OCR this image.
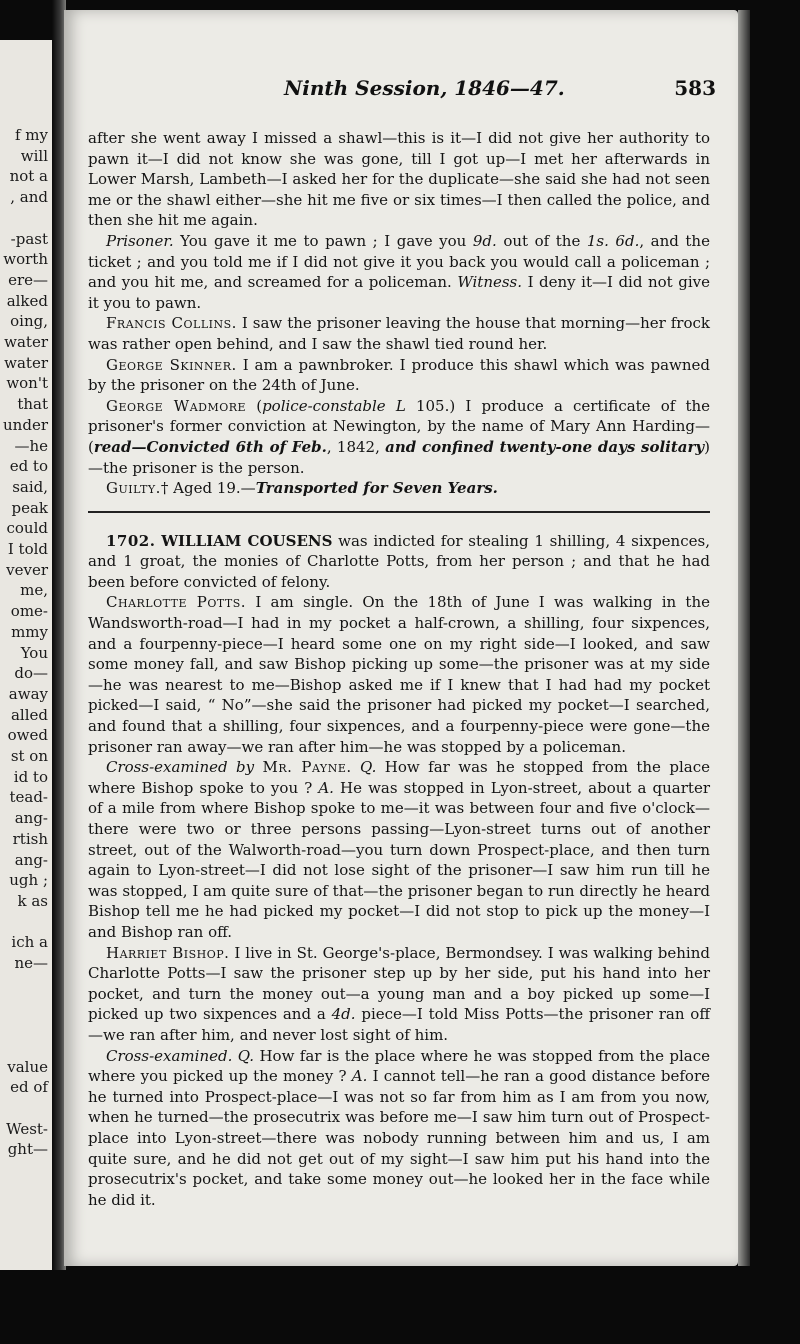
f my
will
not a
, and
-past
worth
ere—
alked
oing,
water
water
won't
that
under
—he
ed to
said,
peak
could
I told
vever
me,
ome-
mmy
You
do—
away
alled
owed
st on
id to
tead-
ang-
rtish
ang-
ugh ;
k as
ich a
ne—
value
ed of
West-
ght—
Ninth Session, 1846—47.	583

after she went away I missed a shawl—this is it—I did not give her authority to pawn it—I did not know she was gone, till I got up—I met her afterwards in Lower Marsh, Lambeth—I asked her for the duplicate—she said she had not seen me or the shawl either—she hit me five or six times—I then called the police, and then she hit me again.

Prisoner. You gave it me to pawn ; I gave you 9d. out of the 1s. 6d., and the ticket ; and you told me if I did not give it you back you would call a policeman ; and you hit me, and screamed for a policeman. Witness. I deny it—I did not give it you to pawn.

Francis Collins. I saw the prisoner leaving the house that morning—her frock was rather open behind, and I saw the shawl tied round her.

George Skinner. I am a pawnbroker. I produce this shawl which was pawned by the prisoner on the 24th of June.

George Wadmore (police-constable L 105.) I produce a certificate of the prisoner's former conviction at Newington, by the name of Mary Ann Harding—(read—Convicted 6th of Feb., 1842, and confined twenty-one days solitary)—the prisoner is the person.

Guilty.† Aged 19.—Transported for Seven Years.

1702. WILLIAM COUSENS was indicted for stealing 1 shilling, 4 sixpences, and 1 groat, the monies of Charlotte Potts, from her person ; and that he had been before convicted of felony.

Charlotte Potts. I am single. On the 18th of June I was walking in the Wandsworth-road—I had in my pocket a half-crown, a shilling, four sixpences, and a fourpenny-piece—I heard some one on my right side—I looked, and saw some money fall, and saw Bishop picking up some—the prisoner was at my side—he was nearest to me—Bishop asked me if I knew that I had had my pocket picked—I said, “ No”—she said the prisoner had picked my pocket—I searched, and found that a shilling, four sixpences, and a fourpenny-piece were gone—the prisoner ran away—we ran after him—he was stopped by a policeman.

Cross-examined by Mr. Payne. Q. How far was he stopped from the place where Bishop spoke to you ? A. He was stopped in Lyon-street, about a quarter of a mile from where Bishop spoke to me—it was between four and five o'clock—there were two or three persons passing—Lyon-street turns out of another street, out of the Walworth-road—you turn down Prospect-place, and then turn again to Lyon-street—I did not lose sight of the prisoner—I saw him run till he was stopped, I am quite sure of that—the prisoner began to run directly he heard Bishop tell me he had picked my pocket—I did not stop to pick up the money—I and Bishop ran off.

Harriet Bishop. I live in St. George's-place, Bermondsey. I was walking behind Charlotte Potts—I saw the prisoner step up by her side, put his hand into her pocket, and turn the money out—a young man and a boy picked up some—I picked up two sixpences and a 4d. piece—I told Miss Potts—the prisoner ran off—we ran after him, and never lost sight of him.

Cross-examined. Q. How far is the place where he was stopped from the place where you picked up the money ? A. I cannot tell—he ran a good distance before he turned into Prospect-place—I was not so far from him as I am from you now, when he turned—the prosecutrix was before me—I saw him turn out of Prospect-place into Lyon-street—there was nobody running between him and us, I am quite sure, and he did not get out of my sight—I saw him put his hand into the prosecutrix's pocket, and take some money out—he looked her in the face while he did it.
